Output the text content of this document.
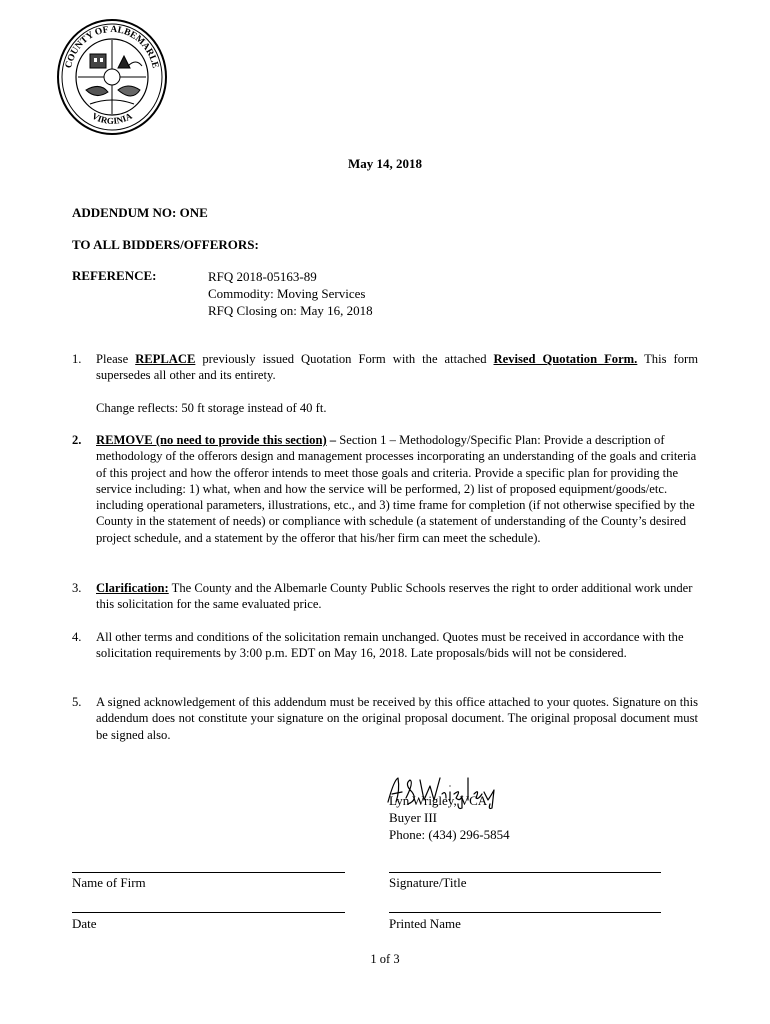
COUNTY OF ALBEMARLE
VIRGINIA
May 14, 2018
ADDENDUM NO: ONE
TO ALL BIDDERS/OFFERORS:
REFERENCE:	RFQ 2018-05163-89
Commodity: Moving Services
RFQ Closing on: May 16, 2018
1. Please REPLACE previously issued Quotation Form with the attached Revised Quotation Form. This form supersedes all other and its entirety.
Change reflects: 50 ft storage instead of 40 ft.
2. REMOVE (no need to provide this section) – Section 1 – Methodology/Specific Plan: Provide a description of methodology of the offerors design and management processes incorporating an understanding of the goals and criteria of this project and how the offeror intends to meet those goals and criteria. Provide a specific plan for providing the service including: 1) what, when and how the service will be performed, 2) list of proposed equipment/goods/etc. including operational parameters, illustrations, etc., and 3) time frame for completion (if not otherwise specified by the County in the statement of needs) or compliance with schedule (a statement of understanding of the County’s desired project schedule, and a statement by the offeror that his/her firm can meet the schedule).
3. Clarification: The County and the Albemarle County Public Schools reserves the right to order additional work under this solicitation for the same evaluated price.
4. All other terms and conditions of the solicitation remain unchanged. Quotes must be received in accordance with the solicitation requirements by 3:00 p.m. EDT on May 16, 2018. Late proposals/bids will not be considered.
5. A signed acknowledgement of this addendum must be received by this office attached to your quotes. Signature on this addendum does not constitute your signature on the original proposal document. The original proposal document must be signed also.
Lyn Wrigley, VCA
Buyer III
Phone: (434) 296-5854
Name of Firm	Signature/Title
Date	Printed Name
1 of 3
